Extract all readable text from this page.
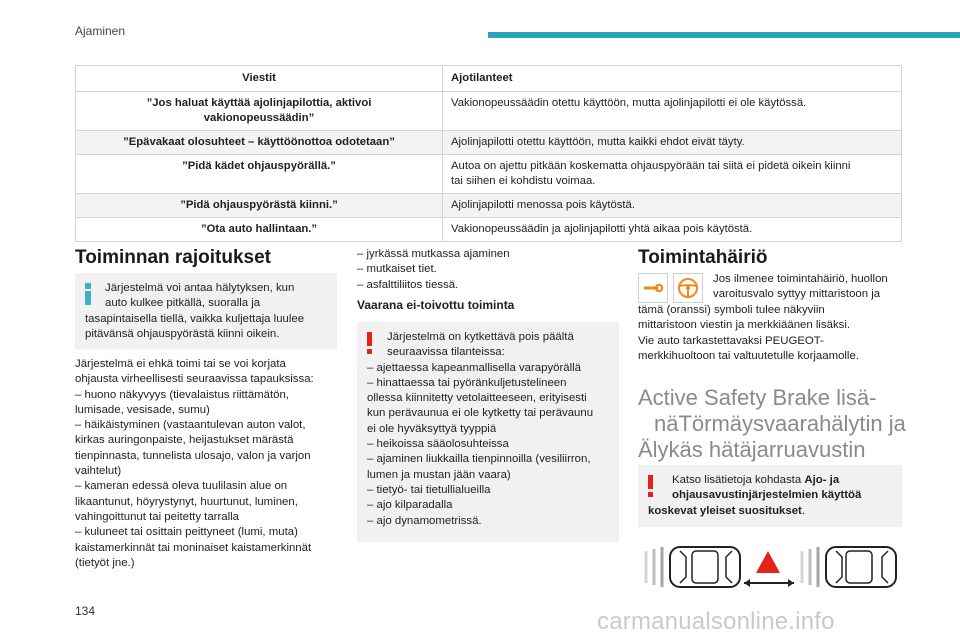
Ajaminen
Viestit	Ajotilanteet
”Jos haluat käyttää ajolinjapilottia, aktivoi
vakionopeussäädin”	Vakionopeussäädin otettu käyttöön, mutta ajolinjapilotti ei ole käytössä.
”Epävakaat olosuhteet – käyttöönottoa odotetaan”	Ajolinjapilotti otettu käyttöön, mutta kaikki ehdot eivät täyty.
”Pidä kädet ohjauspyörällä.”	Autoa on ajettu pitkään koskematta ohjauspyörään tai siitä ei pidetä oikein kiinni
tai siihen ei kohdistu voimaa.
”Pidä ohjauspyörästä kiinni.”	Ajolinjapilotti menossa pois käytöstä.
”Ota auto hallintaan.”	Vakionopeussäädin ja ajolinjapilotti yhtä aikaa pois käytöstä.
Toiminnan rajoitukset
Järjestelmä voi antaa hälytyksen, kun
auto kulkee pitkällä, suoralla ja
tasapintaisella tiellä, vaikka kuljettaja luulee
pitävänsä ohjauspyörästä kiinni oikein.
Järjestelmä ei ehkä toimi tai se voi korjata
ohjausta virheellisesti seuraavissa tapauksissa:
– huono näkyvyys (tievalaistus riittämätön,
lumisade, vesisade, sumu)
– häikäistyminen (vastaantulevan auton valot,
kirkas auringonpaiste, heijastukset märästä
tienpinnasta, tunnelista ulosajo, valon ja varjon
vaihtelut)
– kameran edessä oleva tuulilasin alue on
likaantunut, höyrystynyt, huurtunut, luminen,
vahingoittunut tai peitetty tarralla
– kuluneet tai osittain peittyneet (lumi, muta)
kaistamerkinnät tai moninaiset kaistamerkinnät
(tietyöt jne.)
– jyrkässä mutkassa ajaminen
– mutkaiset tiet.
– asfalttiliitos tiessä.
Vaarana ei-toivottu toiminta
Järjestelmä on kytkettävä pois päältä
seuraavissa tilanteissa:
– ajettaessa kapeanmallisella varapyörällä
– hinattaessa tai pyöränkuljetustelineen
ollessa kiinnitetty vetolaitteeseen, erityisesti
kun perävaunua ei ole kytketty tai perävaunu
ei ole hyväksyttyä tyyppiä
– heikoissa sääolosuhteissa
– ajaminen liukkailla tienpinnoilla (vesiliirron,
lumen ja mustan jään vaara)
– tietyö- tai tietullialueilla
– ajo kilparadalla
– ajo dynamometrissä.
Toimintahäiriö
Jos ilmenee toimintahäiriö, huollon
varoitusvalo syttyy mittaristoon ja
tämä (oranssi) symboli tulee näkyviin
mittaristoon viestin ja merkkiäänen lisäksi.
Vie auto tarkastettavaksi PEUGEOT-
merkkihuoltoon tai valtuutetulle korjaamolle.
Active Safety Brake lisä-
näTörmäysvaarahälytin ja
Älykäs hätäjarruavustin
Katso lisätietoja kohdasta Ajo- ja
ohjausavustinjärjestelmien käyttöä
koskevat yleiset suositukset.
134	carmanualsonline.info
